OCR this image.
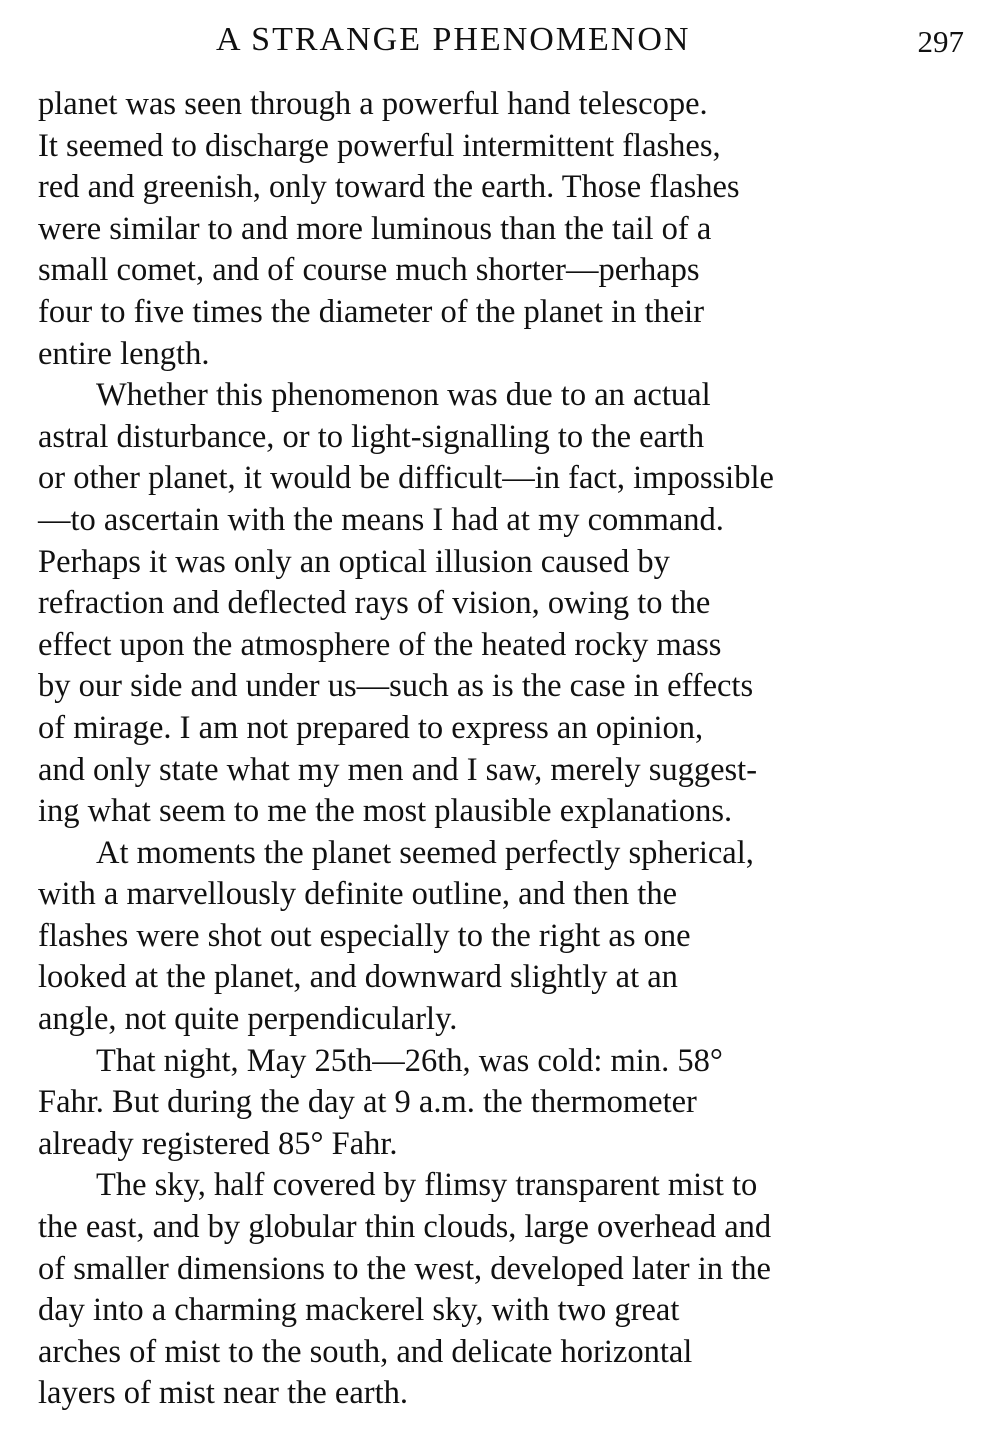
A STRANGE PHENOMENON	297
planet was seen through a powerful hand telescope.
It seemed to discharge powerful intermittent flashes,
red and greenish, only toward the earth. Those flashes
were similar to and more luminous than the tail of a
small comet, and of course much shorter—perhaps
four to five times the diameter of the planet in their
entire length.
Whether this phenomenon was due to an actual
astral disturbance, or to light-signalling to the earth
or other planet, it would be difficult—in fact, impossible
—to ascertain with the means I had at my command.
Perhaps it was only an optical illusion caused by
refraction and deflected rays of vision, owing to the
effect upon the atmosphere of the heated rocky mass
by our side and under us—such as is the case in effects
of mirage. I am not prepared to express an opinion,
and only state what my men and I saw, merely suggest-
ing what seem to me the most plausible explanations.
At moments the planet seemed perfectly spherical,
with a marvellously definite outline, and then the
flashes were shot out especially to the right as one
looked at the planet, and downward slightly at an
angle, not quite perpendicularly.
That night, May 25th—26th, was cold: min. 58°
Fahr. But during the day at 9 a.m. the thermometer
already registered 85° Fahr.
The sky, half covered by flimsy transparent mist to
the east, and by globular thin clouds, large overhead and
of smaller dimensions to the west, developed later in the
day into a charming mackerel sky, with two great
arches of mist to the south, and delicate horizontal
layers of mist near the earth.
